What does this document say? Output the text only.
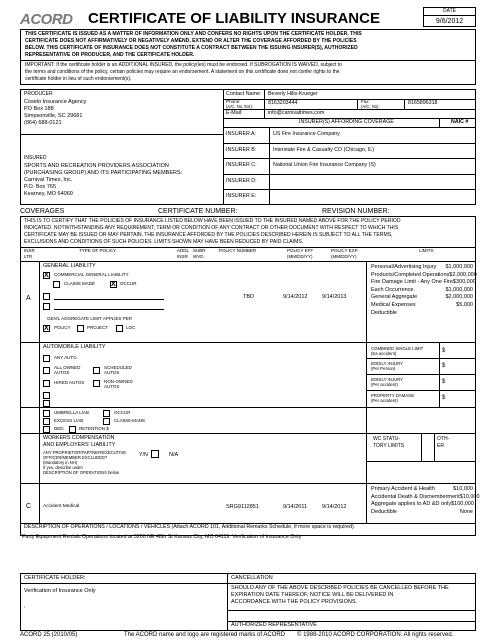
ACORD CERTIFICATE OF LIABILITY INSURANCE	DATE
9/6/2012
THIS CERTIFICATE IS ISSUED AS A MATTER OF INFORMATION ONLY AND CONFERS NO RIGHTS UPON THE CERTIFICATE HOLDER. THIS
CERTIFICATE DOES NOT AFFIRMATIVELY OR NEGATIVELY AMEND, EXTEND OR ALTER THE COVERAGE AFFORDED BY THE POLICIES
BELOW. THIS CERTIFICATE OF INSURANCE DOES NOT CONSTITUTE A CONTRACT BETWEEN THE ISSUING INSURER(S), AUTHORIZED
REPRESENTATIVE OR PRODUCER, AND THE CERTIFICATE HOLDER.
IMPORTANT: If the certificate holder is an ADDITIONAL INSURED, the policy(ies) must be endorsed. If SUBROGATION IS WAIVED, subject to
the terms and conditions of the policy, certain policies may require an endorsement. A statement on this certificate does not confer rights to the
certificate holder in lieu of such endorsement(s).
PRODUCER
Coselo Insurance Agency
PO Box 188
Simpsonville, SC 29681
(864) 688-0121
INSURED
SPORTS AND RECREATION PROVIDERS ASSOCIATION
(PURCHASING GROUP) AND ITS PARTICIPATING MEMBERS:
Carnival Times, Inc.
P.O. Box 765
Kearney, MO 64060
Contact Name: Beverly Hills-Krueger
Phone:
(A/C, No, Ext):	8163203444	Fax
(A/C, No):	8165896318
E-Mail:	info@carnivaltimes.com
INSURER(S) AFFORDING COVERAGE	NAIC #
INSURER A:	US Fire Insurance Company
INSURER B:	Interstate Fire & Casualty CO (Chicago, IL)
INSURER C:	National Union Fire Insurance Company (S)
INSURER D:
INSURER E:
COVERAGES	CERTIFICATE NUMBER:	REVISION NUMBER:
THIS IS TO CERTIFY THAT THE POLICIES OF INSURANCE LISTED BELOW HAVE BEEN ISSUED TO THE INSURED NAMED ABOVE FOR THE POLICY PERIOD
INDICATED. NOTWITHSTANDING ANY REQUIREMENT, TERM OR CONDITION OF ANY CONTRACT OR OTHER DOCUMENT WITH RESPECT TO WHICH THIS
CERTIFICATE MAY BE ISSUED OR MAY PERTAIN, THE INSURANCE AFFORDED BY THE POLICIES DESCRIBED HEREIN IS SUBJECT TO ALL THE TERMS,
EXCLUSIONS AND CONDITIONS OF SUCH POLICIES. LIMITS SHOWN MAY HAVE BEEN REDUCED BY PAID CLAIMS.
INSR
LTR
TYPE OF POLICY	ADDL
INSR
SUBR
WVD
POLICY NUMBER	POLICY EFF
(MM/DD/YY)
POLICY EXP
(MM/DD/YY)
LIMITS
GENERAL LIABILITY
X COMMERCIAL GENERAL LIABILITY
CLAIMS MADE X OCCUR
GEN'L AGGREGATE LIMIT APPLIES PER
X POLICY	PROJECT	LOC
A	TBD	9/14/2012	9/14/2013
Personal/Advertising Injury $1,000,000
Products/Completed Operations $2,000,000
Fire Damage Limit - Any One Fire $300,000
Each Occurrence	$1,000,000
General Aggregate	$2,000,000
Medical Expenses	$5,000
Deductible
AUTOMOBILE LIABILITY
ANY AUTO
ALL OWNED
AUTOS
SCHEDULED
AUTOS
HIRED AUTOS	NON-OWNED
AUTOS
COMBINED SINGLE LIMIT
(Ea accident)	$
BODILY INJURY
(Per Person)	$
BODILY INJURY
(Per accident)	$
PROPERTY DAMAGE
(Per accident)	$
UMBRELLA LIAB	OCCUR
EXCESS LIAB	CLAIMS-MADE
DED	RETENTION $
WORKERS COMPENSATION
AND EMPLOYERS' LIABILITY
ANY PROPRIETOR/PARTNER/EXECUTIVE
OFFICER/MEMBER EXCLUDED?
(Mandatory in NH)
If yes, describe under
DESCRIPTION OF OPERATIONS below
Y/N	N/A
WC STATU-
TORY LIMITS
OTH-
ER
C Accident Medical	SRG9112851	9/14/2011	9/14/2012
Primary Accident & Health	$10,000
Accidental Death & Dismemberment $10,000
Aggregate applies to AD &D only $100,000
Deductible	None
DESCRIPTION OF OPERATIONS / LOCATIONS / VEHICLES (Attach ACORD 101, Additional Remarks Schedule, if more space is required)
Party Equipment Rentals Operations located at 5200 NE 48th St Kansas City, MO 64119. Verification of Insurance Only
CERTIFICATE HOLDER:
Verification of Insurance Only
,
CANCELLATION
SHOULD ANY OF THE ABOVE DESCRIBED POLICIES BE CANCELLED BEFORE THE
EXPIRATION DATE THEREOF, NOTICE WILL BE DELIVERED IN
ACCORDANCE WITH THE POLICY PROVISIONS.
AUTHORIZED REPRESENTATIVE
ACORD 25 (2010/05)	The ACORD name and logo are registered marks of ACORD © 1988-2010 ACORD CORPORATION. All rights reserved.
